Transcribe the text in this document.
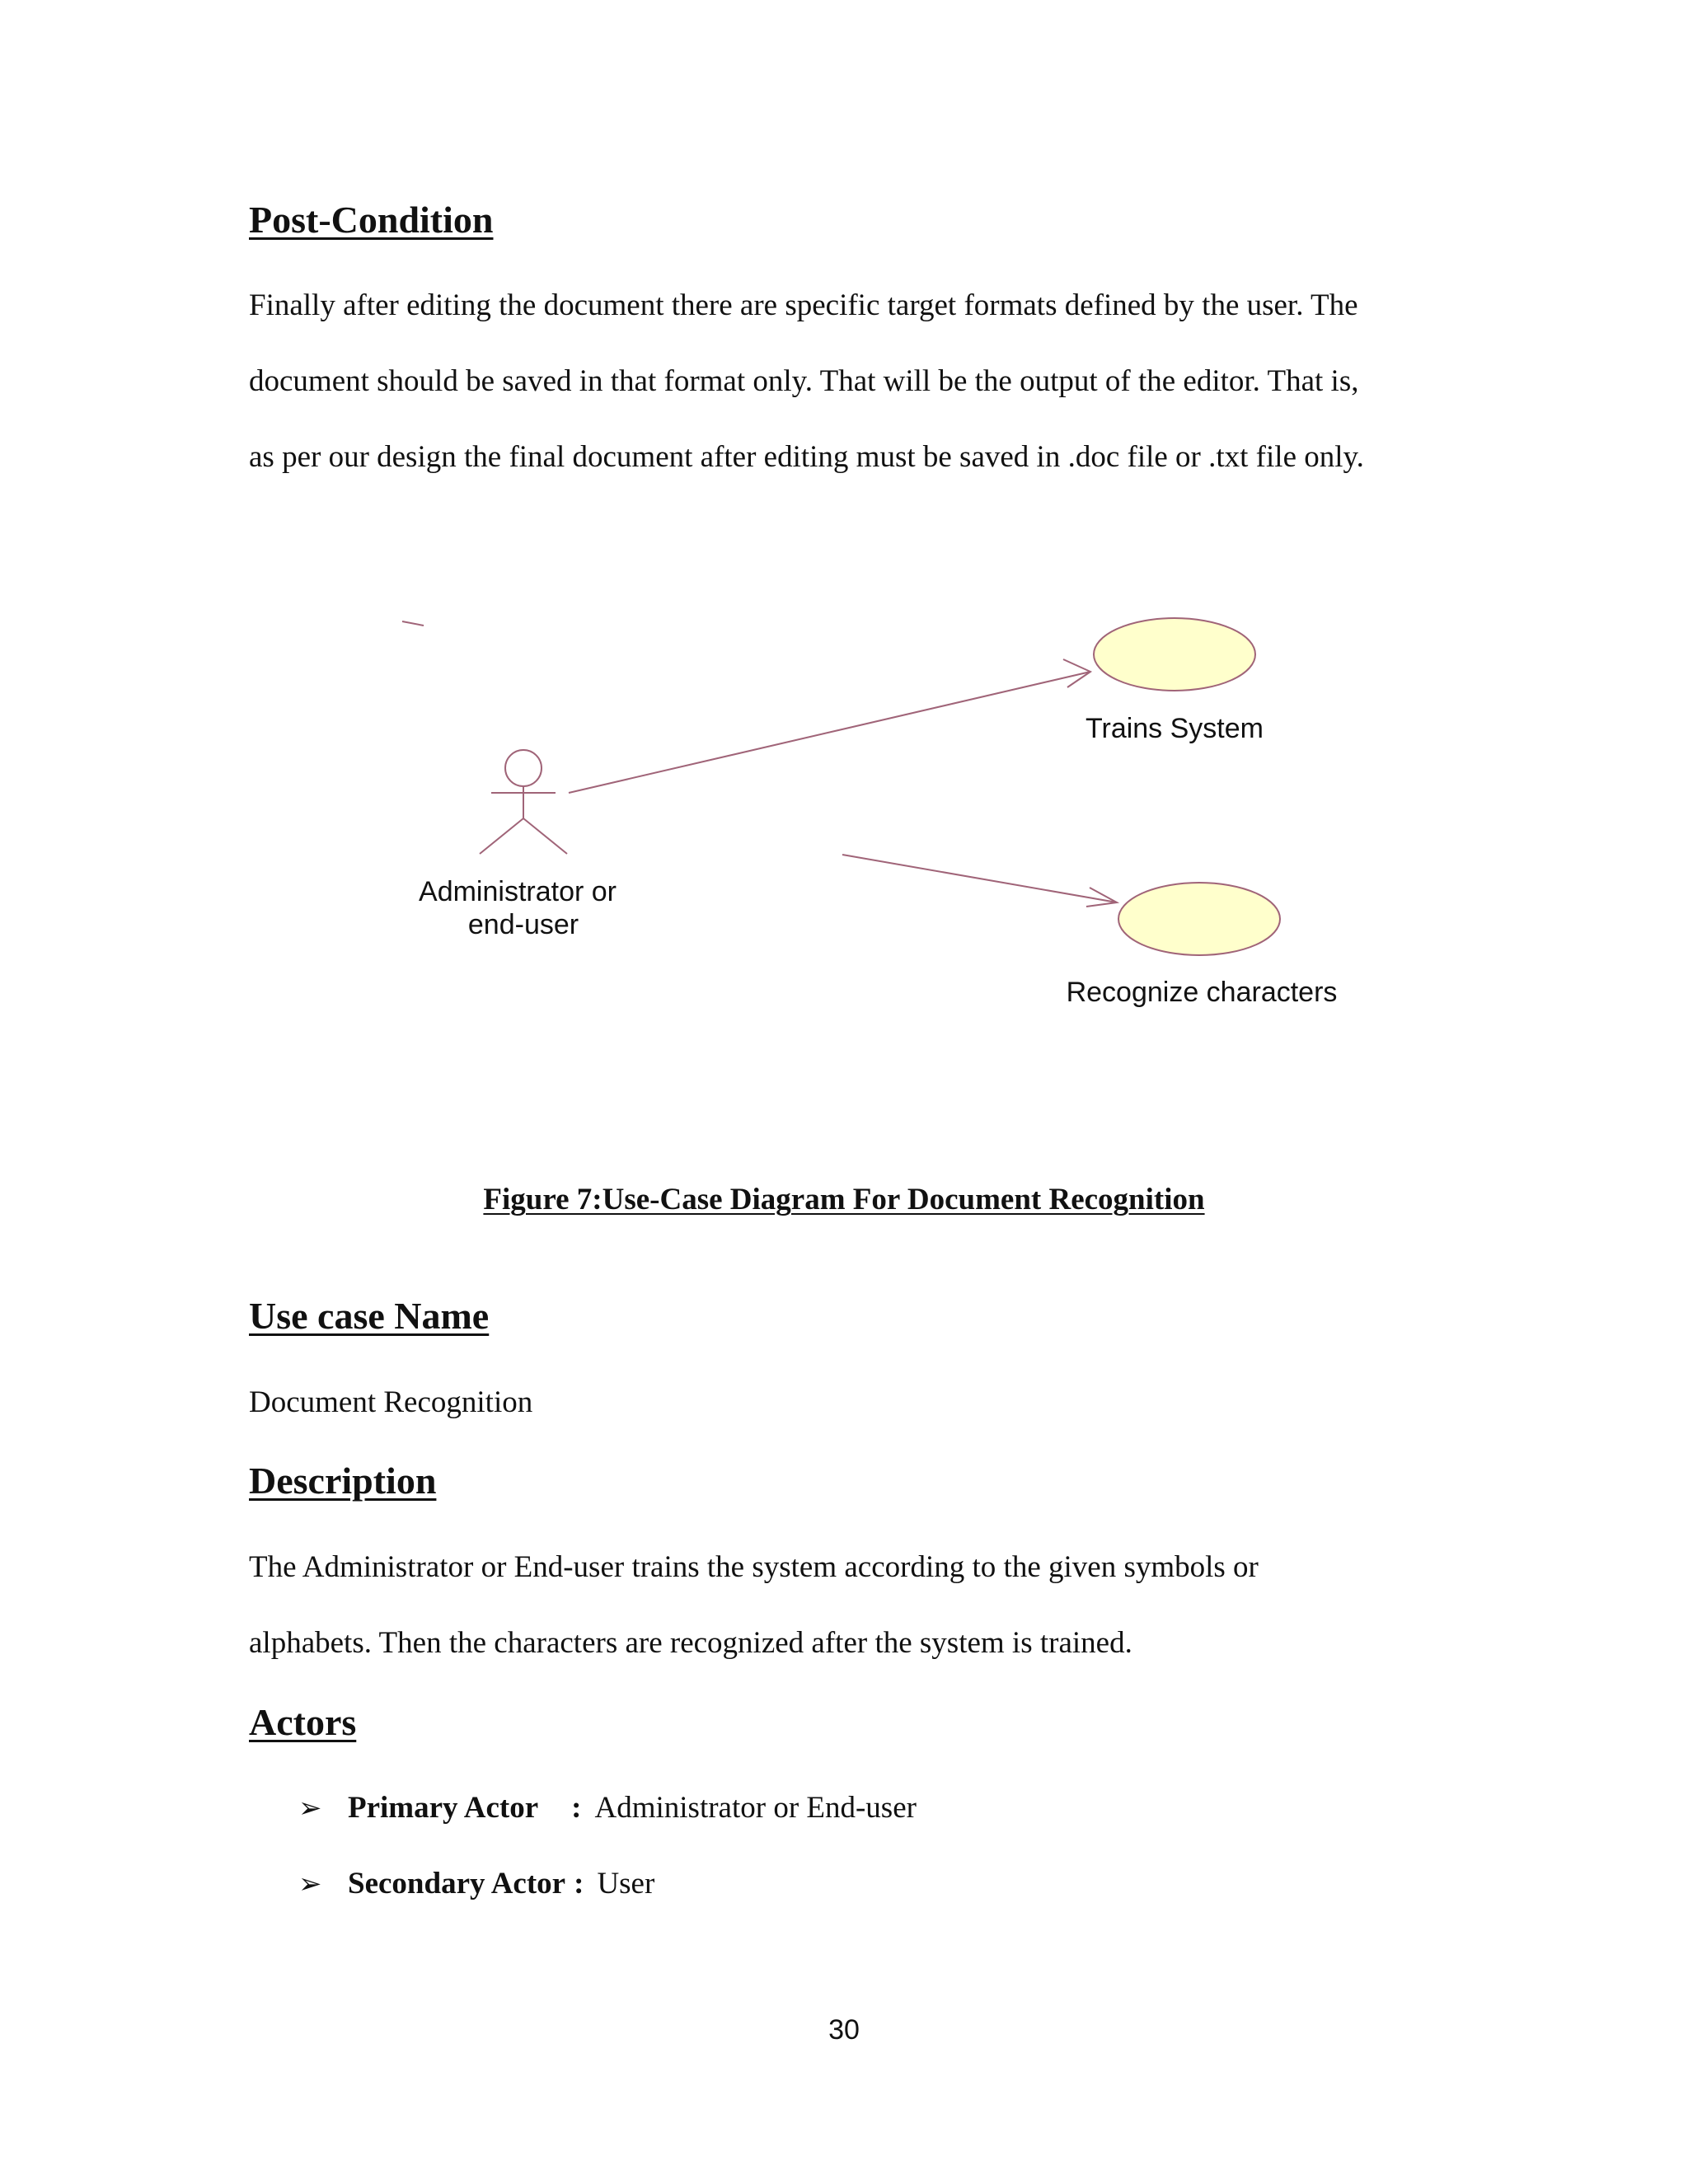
Post-Condition

Finally after editing the document there are specific target formats defined by the user. The

document should be saved in that format only. That will be the output of the editor. That is,

as per our design the final document after editing must be saved in .doc file or .txt file only.

Trains System
Recognize characters
Administrator or
end-user

Figure 7:Use-Case Diagram For Document Recognition

Use case Name

Document Recognition

Description

The Administrator or End-user trains the system according to the given symbols or

alphabets. Then the characters are recognized after the system is trained.

Actors
➢ Primary Actor : Administrator or End-user
➢ Secondary Actor : User
30
